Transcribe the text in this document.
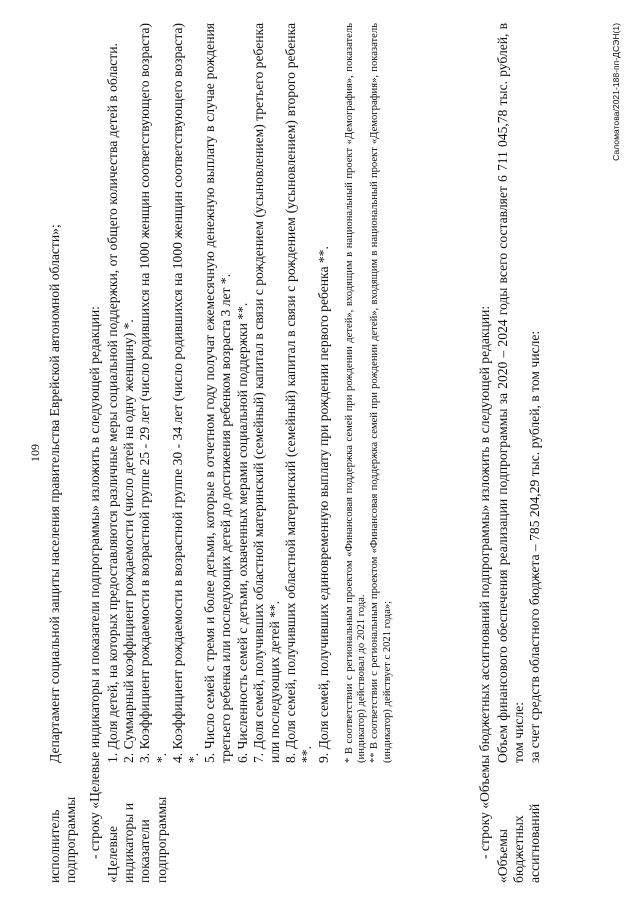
109
исполнитель подпрограммы
Департамент социальной защиты населения правительства Еврейской автономной области»; - строку «Целевые индикаторы и показатели подпрограммы» изложить в следующей редакции: «Целевые индикаторы и показатели подпрограммы

1. Доля детей, на которых предоставляются различные меры социальной поддержки, от общего количества детей в области. 2. Суммарный коэффициент рождаемости (число детей на одну женщину) *. 3. Коэффициент рождаемости в возрастной группе 25 - 29 лет (число родившихся на 1000 женщин соответствующего возраста) *. 4. Коэффициент рождаемости в возрастной группе 30 - 34 лет (число родившихся на 1000 женщин соответствующего возраста) *. 5. Число семей с тремя и более детьми, которые в отчетном году получат ежемесячную денежную выплату в случае рождения третьего ребенка или последующих детей до достижения ребенком возраста 3 лет *. 6. Численность семей с детьми, охваченных мерами социальной поддержки **. 7. Доля семей, получивших областной материнский (семейный) капитал в связи с рождением (усыновлением) третьего ребенка или последующих детей **. 8. Доля семей, получивших областной материнский (семейный) капитал в связи с рождением (усыновлением) второго ребенка **. 9. Доля семей, получивших единовременную выплату при рождении первого ребенка **. * В соответствии с региональным проектом «Финансовая поддержка семей при рождении детей», входящим в национальный проект «Демография», показатель (индикатор) действовал до 2021 года. ** В соответствии с региональным проектом «Финансовая поддержка семей при рождении детей», входящим в национальный проект «Демография», показатель (индикатор) действует с 2021 года»;	- строку «Объемы бюджетных ассигнований подпрограммы» изложить в следующей редакции: «Объемы бюджетных ассигнований

Объем финансового обеспечения реализации подпрограммы за 2020 – 2024 годы всего составляет 6 711 045,78 тыс. рублей, в том числе: за счет средств областного бюджета – 785 204,29 тыс. рублей, в том числе:

Саломатова/2021-188-пп-ДСЭН(1)
